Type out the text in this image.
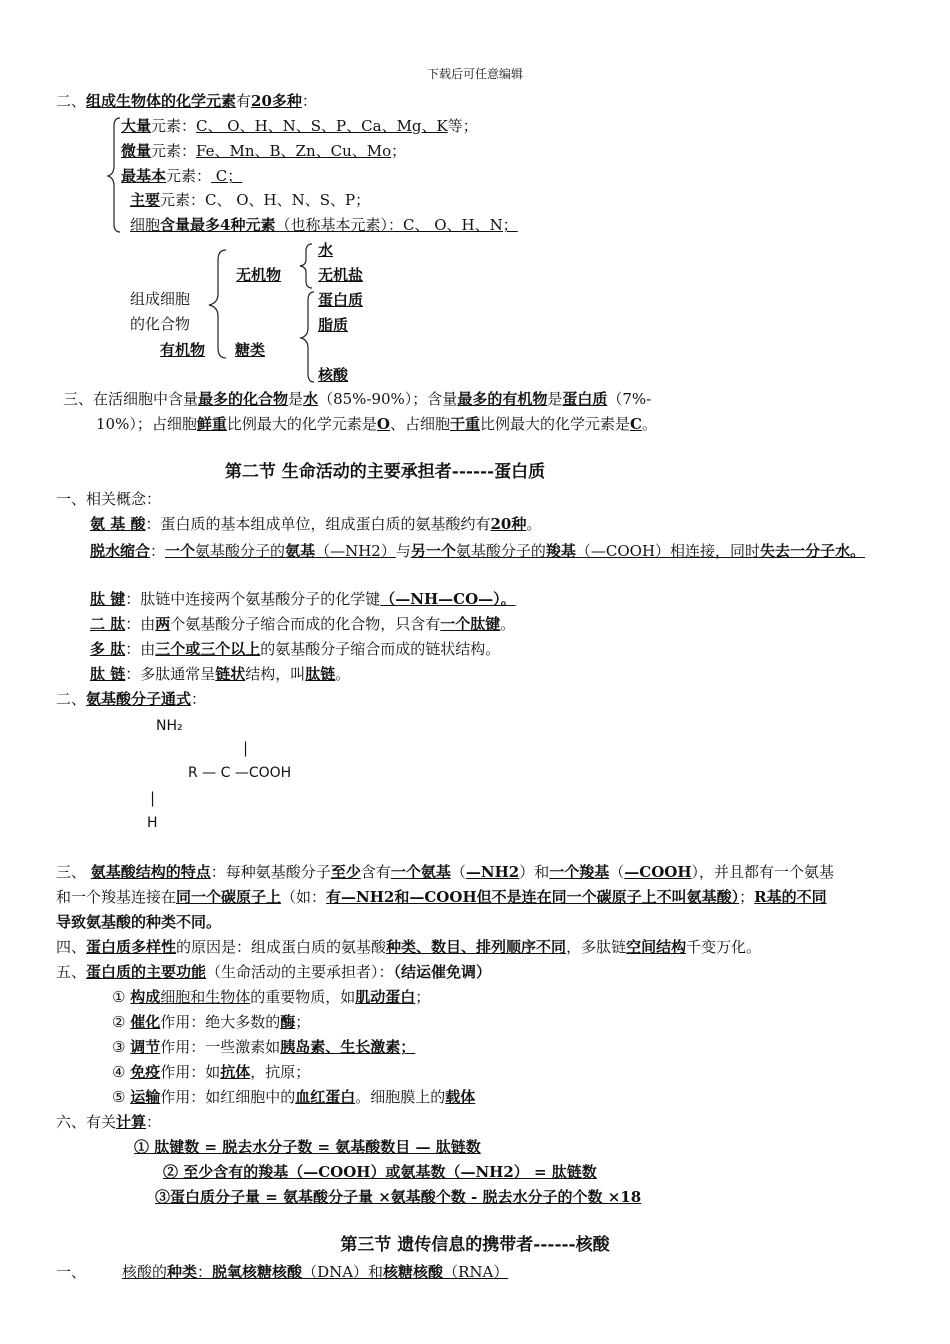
下载后可任意编辑
二、组成生物体的化学元素有20多种：
大量元素：C、 O、H、N、S、P、Ca、Mg、K等；
微量元素：Fe、Mn、B、Zn、Cu、Mo；
最基本元素： C；
主要元素：C、 O、H、N、S、P；
细胞含量最多4种元素（也称基本元素）：C、 O、H、N；
组成细胞
的化合物
无机物
有机物
水
无机盐
糖类
蛋白质
脂质
核酸
三、在活细胞中含量最多的化合物是水（85%-90%）；含量最多的有机物是蛋白质（7%-
10%）；占细胞鲜重比例最大的化学元素是O、占细胞干重比例最大的化学元素是C。
第二节 生命活动的主要承担者------蛋白质
一、相关概念：
氨 基 酸：蛋白质的基本组成单位，组成蛋白质的氨基酸约有20种。
脱水缩合：一个氨基酸分子的氨基（—NH2）与另一个氨基酸分子的羧基（—COOH）相连接，同时失去一分子水。
肽 键：肽链中连接两个氨基酸分子的化学键（—NH—CO—）。
二 肽：由两个氨基酸分子缩合而成的化合物，只含有一个肽键。
多 肽：由三个或三个以上的氨基酸分子缩合而成的链状结构。
肽 链：多肽通常呈链状结构，叫肽链。
二、氨基酸分子通式：
NH₂
|
R — C —COOH
|
H
三、 氨基酸结构的特点：每种氨基酸分子至少含有一个氨基（—NH2）和一个羧基（—COOH），并且都有一个氨基
和一个羧基连接在同一个碳原子上（如：有—NH2和—COOH但不是连在同一个碳原子上不叫氨基酸）；R基的不同
导致氨基酸的种类不同。
四、蛋白质多样性的原因是：组成蛋白质的氨基酸种类、数目、排列顺序不同，多肽链空间结构千变万化。
五、蛋白质的主要功能（生命活动的主要承担者）：（结运催免调）
① 构成细胞和生物体的重要物质，如肌动蛋白；
② 催化作用：绝大多数的酶；
③ 调节作用：一些激素如胰岛素、生长激素；
④ 免疫作用：如抗体，抗原；
⑤ 运输作用：如红细胞中的血红蛋白。细胞膜上的载体
六、有关计算：
① 肽键数 = 脱去水分子数 = 氨基酸数目 — 肽链数
② 至少含有的羧基（—COOH）或氨基数（—NH2） = 肽链数
③蛋白质分子量 = 氨基酸分子量 ×氨基酸个数 - 脱去水分子的个数 ×18
第三节 遗传信息的携带者------核酸
一、 核酸的种类：脱氧核糖核酸（DNA）和核糖核酸（RNA）
